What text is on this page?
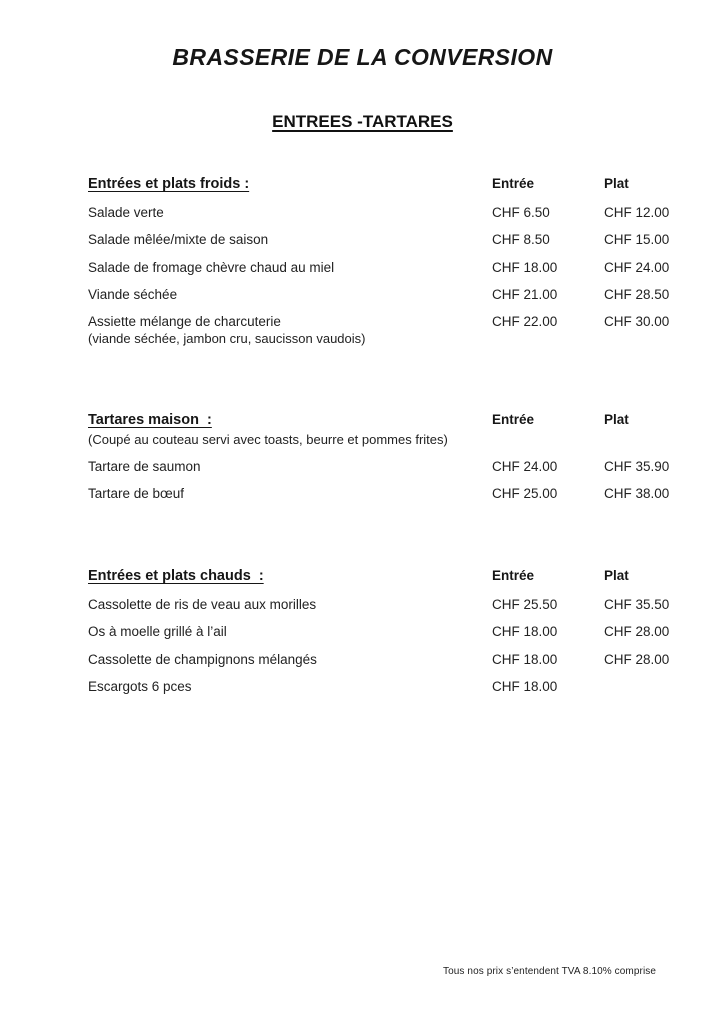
BRASSERIE DE LA CONVERSION
ENTREES -TARTARES
Entrées et plats froids :	Entrée	Plat
Salade verte	CHF 6.50	CHF 12.00
Salade mêlée/mixte de saison	CHF 8.50	CHF 15.00
Salade de fromage chèvre chaud au miel	CHF 18.00	CHF 24.00
Viande séchée	CHF 21.00	CHF 28.50
Assiette mélange de charcuterie
(viande séchée, jambon cru, saucisson vaudois)
CHF 22.00	CHF 30.00
Tartares maison  :	Entrée	Plat
(Coupé au couteau servi avec toasts, beurre et pommes frites)
Tartare de saumon	CHF 24.00	CHF 35.90
Tartare de bœuf	CHF 25.00	CHF 38.00
Entrées et plats chauds  :	Entrée	Plat
Cassolette de ris de veau aux morilles	CHF 25.50	CHF 35.50
Os à moelle grillé à l’ail	CHF 18.00	CHF 28.00
Cassolette de champignons mélangés	CHF 18.00	CHF 28.00
Escargots 6 pces	CHF 18.00
Tous nos prix s’entendent TVA 8.10% comprise
